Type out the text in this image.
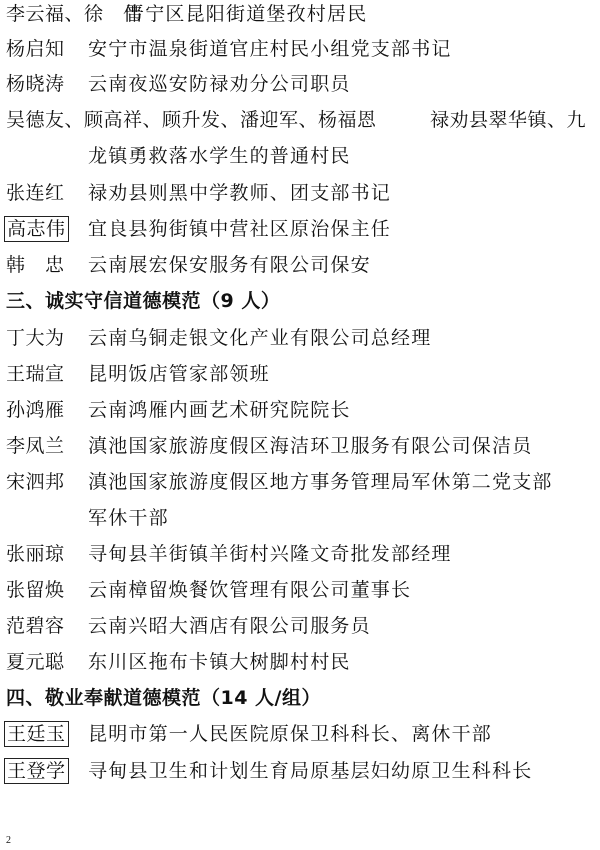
李云福、徐　伟
晋宁区昆阳街道堡孜村居民
杨启知 安宁市温泉街道官庄村民小组党支部书记
杨晓涛 云南夜巡安防禄劝分公司职员
吴德友、顾高祥、顾升发、潘迎军、杨福恩	禄劝县翠华镇、九
龙镇勇救落水学生的普通村民
张连红 禄劝县则黑中学教师、团支部书记
高志伟 宜良县狗街镇中营社区原治保主任
韩　忠 云南展宏保安服务有限公司保安
三、诚实守信道德模范（9 人）
丁大为 云南乌铜走银文化产业有限公司总经理
王瑞宣 昆明饭店管家部领班
孙鸿雁 云南鸿雁内画艺术研究院院长
李凤兰 滇池国家旅游度假区海洁环卫服务有限公司保洁员
宋泗邦 滇池国家旅游度假区地方事务管理局军休第二党支部
军休干部
张丽琼 寻甸县羊街镇羊街村兴隆文奇批发部经理
张留焕 云南樟留焕餐饮管理有限公司董事长
范碧容 云南兴昭大酒店有限公司服务员
夏元聪 东川区拖布卡镇大树脚村村民
四、敬业奉献道德模范（14 人/组）
王廷玉 昆明市第一人民医院原保卫科科长、离休干部
王登学 寻甸县卫生和计划生育局原基层妇幼原卫生科科长
2
